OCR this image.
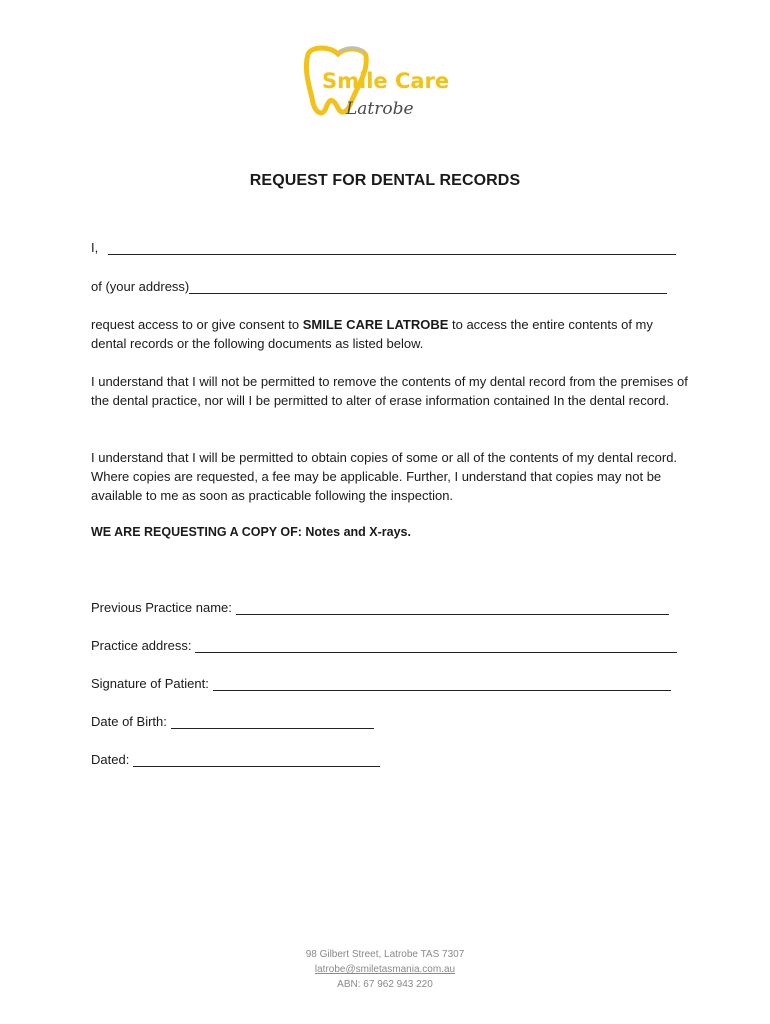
Smile Care
Latrobe
REQUEST FOR DENTAL RECORDS
I,
of (your address)

request access to or give consent to SMILE CARE LATROBE to access the entire contents of my dental records or the following documents as listed below.

I understand that I will not be permitted to remove the contents of my dental record from the premises of the dental practice, nor will I be permitted to alter of erase information contained In the dental record.

I understand that I will be permitted to obtain copies of some or all of the contents of my dental record. Where copies are requested, a fee may be applicable. Further, I understand that copies may not be available to me as soon as practicable following the inspection.

WE ARE REQUESTING A COPY OF: Notes and X-rays.
Previous Practice name:
Practice address:
Signature of Patient:
Date of Birth:
Dated:
98 Gilbert Street, Latrobe TAS 7307
latrobe@smiletasmania.com.au
ABN: 67 962 943 220
